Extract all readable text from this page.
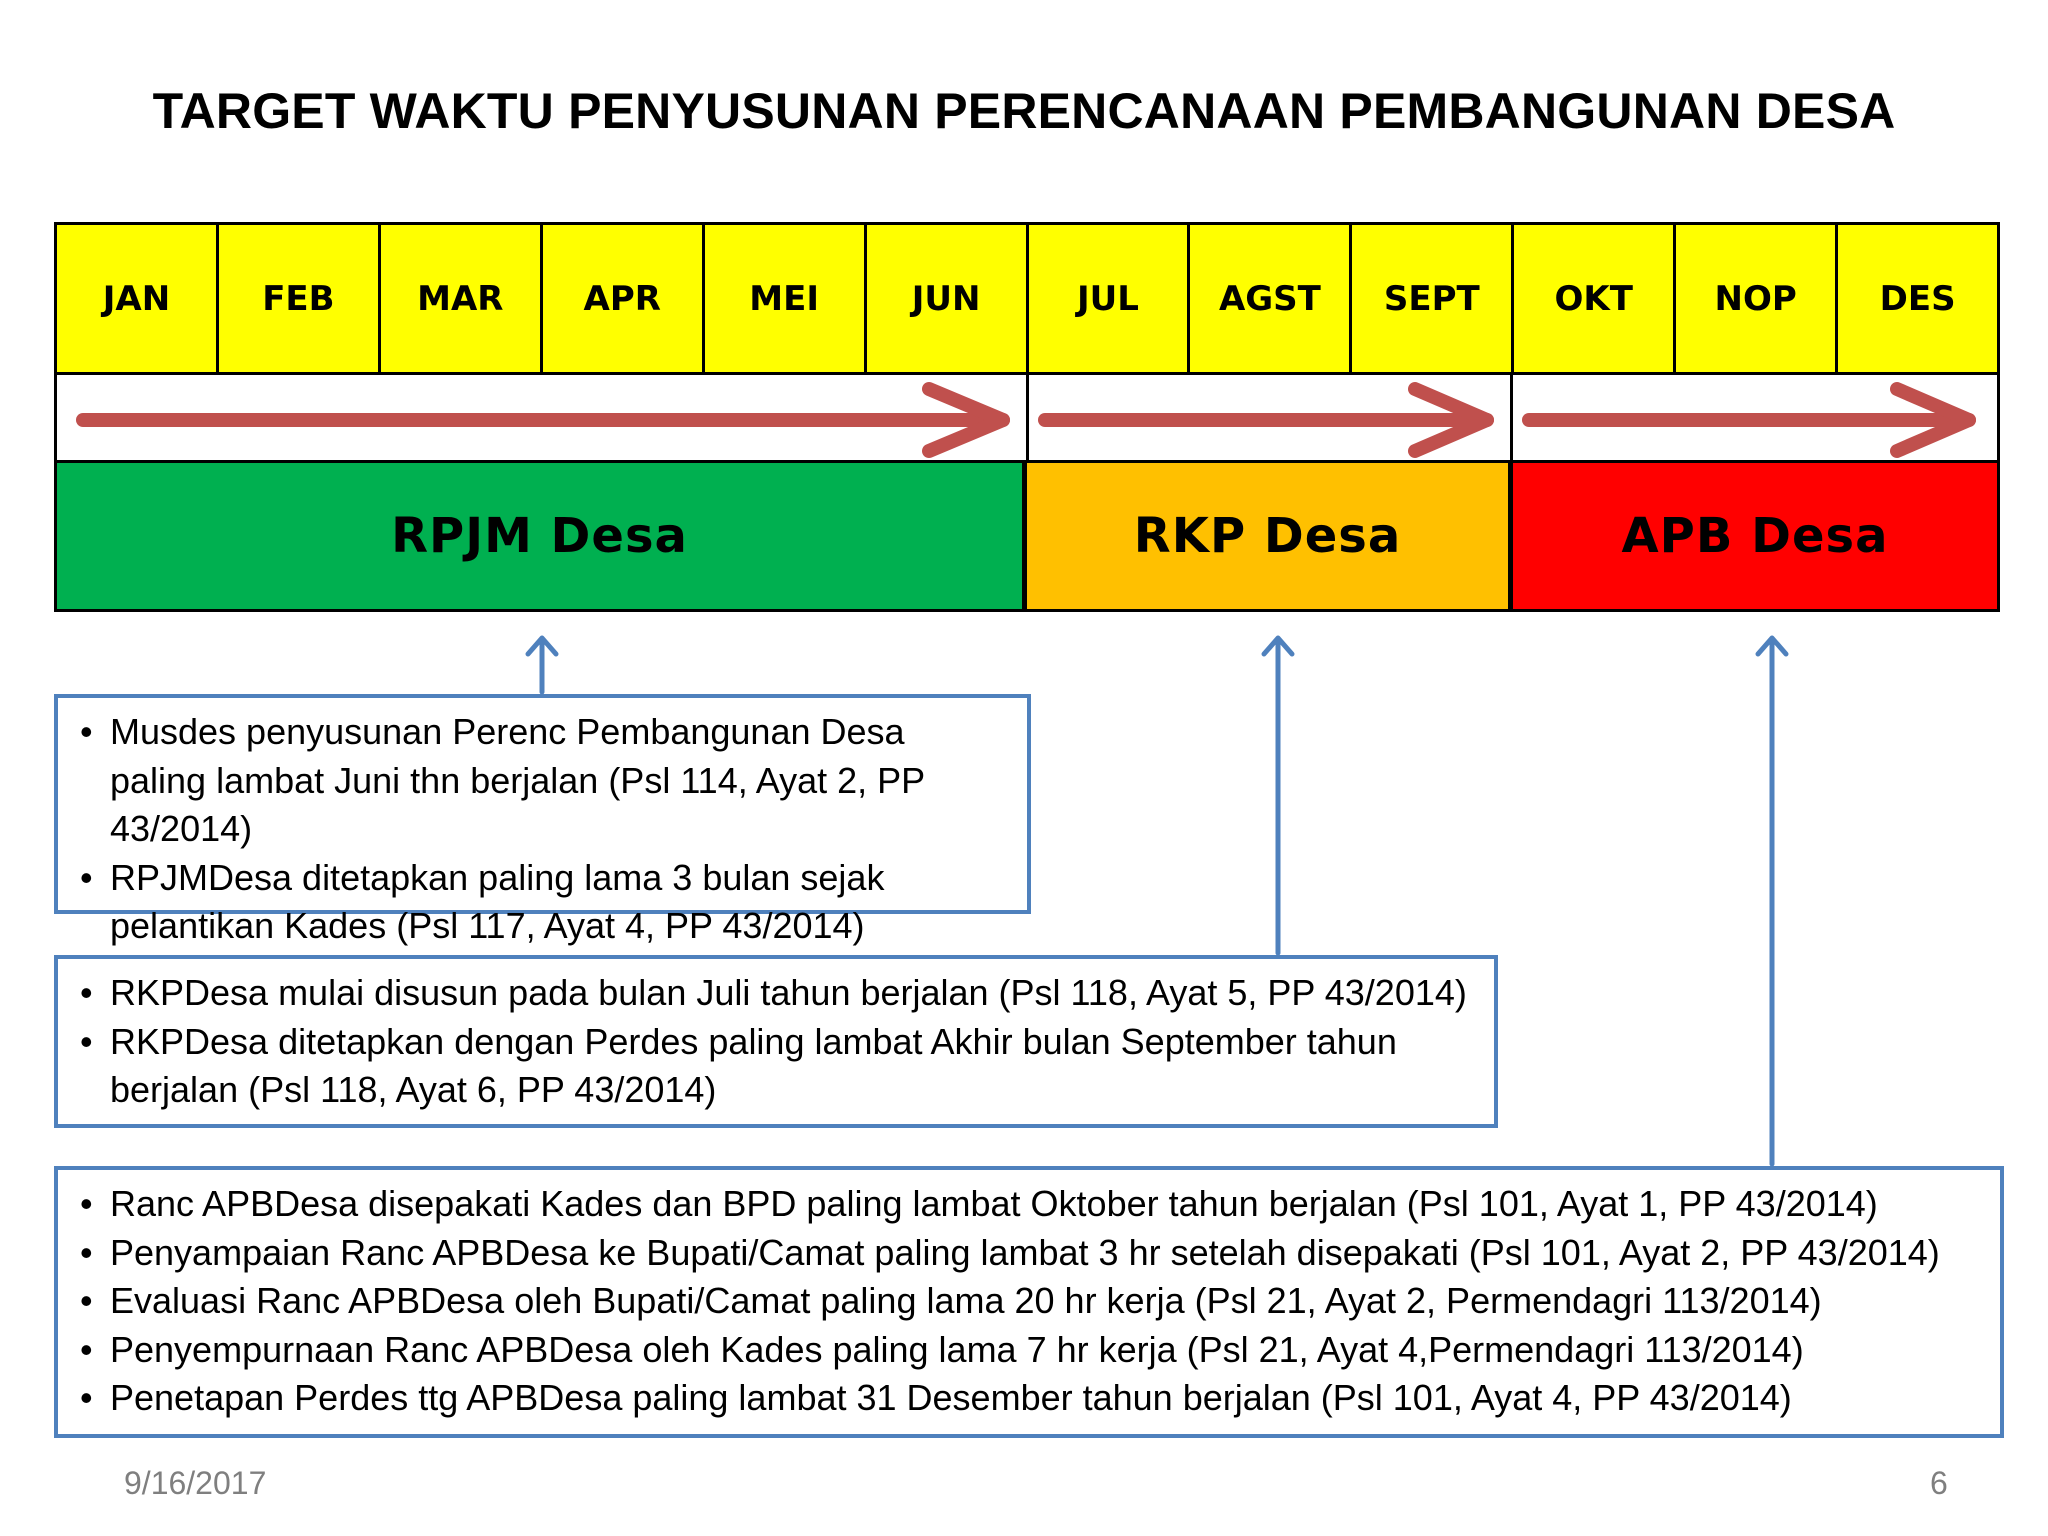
TARGET WAKTU PENYUSUNAN PERENCANAAN PEMBANGUNAN DESA
JAN	FEB	MAR	APR	MEI	JUN	JUL	AGST	SEPT	OKT	NOP	DES
RPJM Desa	RKP Desa	APB Desa
• Musdes penyusunan Perenc Pembangunan Desa paling lambat Juni thn berjalan (Psl 114, Ayat 2, PP 43/2014)
• RPJMDesa ditetapkan paling lama 3 bulan sejak pelantikan Kades (Psl 117, Ayat 4, PP 43/2014)
• RKPDesa mulai disusun pada bulan Juli tahun berjalan (Psl 118, Ayat 5, PP 43/2014)
• RKPDesa ditetapkan dengan Perdes paling lambat Akhir bulan September tahun berjalan (Psl 118, Ayat 6, PP 43/2014)
• Ranc APBDesa disepakati Kades dan BPD paling lambat Oktober tahun berjalan (Psl 101, Ayat 1, PP 43/2014)
• Penyampaian Ranc APBDesa ke Bupati/Camat paling lambat 3 hr setelah disepakati (Psl 101, Ayat 2, PP 43/2014)
• Evaluasi Ranc APBDesa oleh Bupati/Camat paling lama 20 hr kerja (Psl 21, Ayat 2, Permendagri 113/2014)
• Penyempurnaan Ranc APBDesa oleh Kades paling lama 7 hr kerja (Psl 21, Ayat 4,Permendagri 113/2014)
• Penetapan Perdes ttg APBDesa paling lambat 31 Desember tahun berjalan (Psl 101, Ayat 4, PP 43/2014)
9/16/2017	6
